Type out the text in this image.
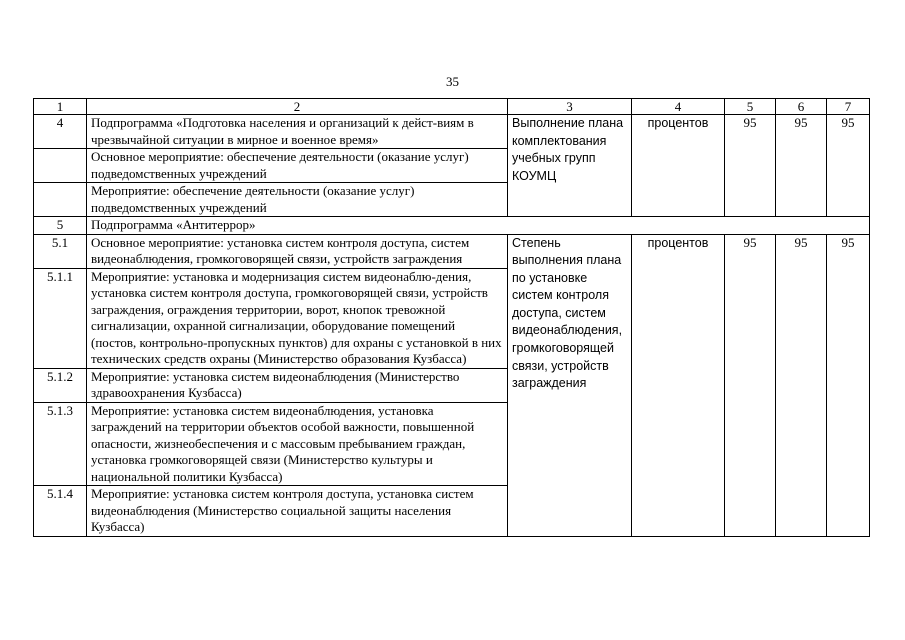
35
1	2	3	4	5	6	7
4	Подпрограмма «Подготовка населения и организаций к дейст-виям в чрезвычайной ситуации в мирное и военное время»	Выполнение плана комплектования учебных групп КОУМЦ	процентов	95	95	95
	Основное мероприятие: обеспечение деятельности (оказание услуг) подведомственных учреждений					
	Мероприятие: обеспечение деятельности (оказание услуг) подведомственных учреждений					
5	Подпрограмма «Антитеррор»					
5.1	Основное мероприятие: установка систем контроля доступа, систем видеонаблюдения, громкоговорящей связи, устройств заграждения	Степень выполнения плана по установке систем контроля доступа, систем видеонаблюдения, громкоговорящей связи, устройств заграждения	процентов	95	95	95
5.1.1	Мероприятие: установка и модернизация систем видеонаблю-дения, установка систем контроля доступа, громкоговорящей связи, устройств заграждения, ограждения территории, ворот, кнопок тревожной сигнализации, охранной сигнализации, оборудование помещений (постов, контрольно-пропускных пунктов) для охраны с установкой в них технических средств охраны (Министерство образования Кузбасса)					
5.1.2	Мероприятие: установка систем видеонаблюдения (Министерство здравоохранения Кузбасса)					
5.1.3	Мероприятие: установка систем видеонаблюдения, установка заграждений на территории объектов особой важности, повышенной опасности, жизнеобеспечения и с массовым пребыванием граждан, установка громкоговорящей связи (Министерство культуры и национальной политики Кузбасса)					
5.1.4	Мероприятие: установка систем контроля доступа, установка систем видеонаблюдения (Министерство социальной защиты населения Кузбасса)					
